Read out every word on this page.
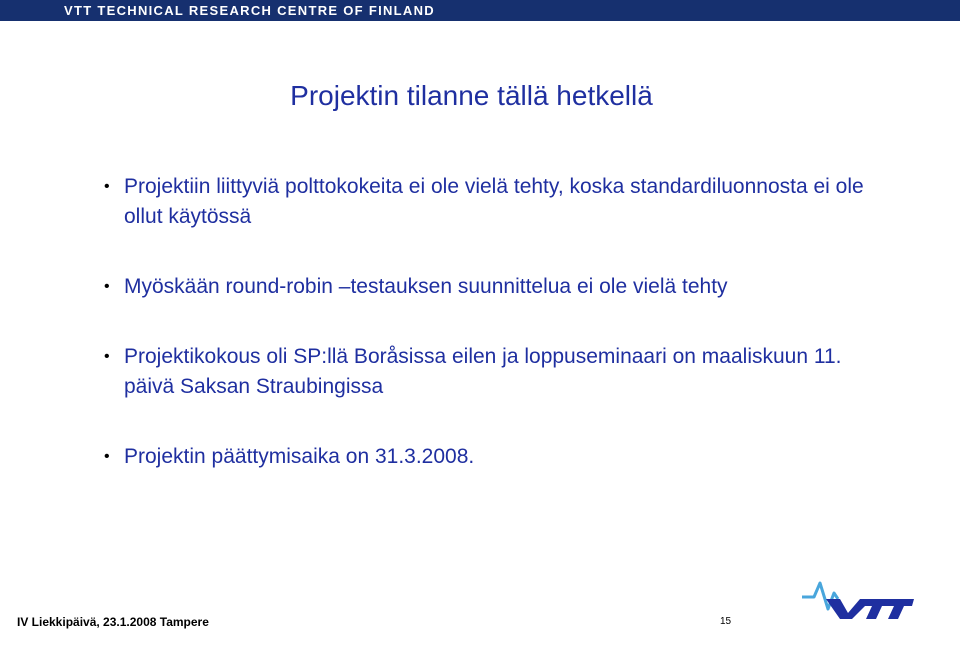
VTT TECHNICAL RESEARCH CENTRE OF FINLAND
Projektin tilanne tällä hetkellä
• Projektiin liittyviä polttokokeita ei ole vielä tehty, koska standardiluonnosta ei ole ollut käytössä
• Myöskään round-robin –testauksen suunnittelua ei ole vielä tehty
• Projektikokous oli SP:llä Boråsissa eilen ja loppuseminaari on maaliskuun 11. päivä Saksan Straubingissa
• Projektin päättymisaika on 31.3.2008.
IV Liekkipäivä, 23.1.2008 Tampere	15
